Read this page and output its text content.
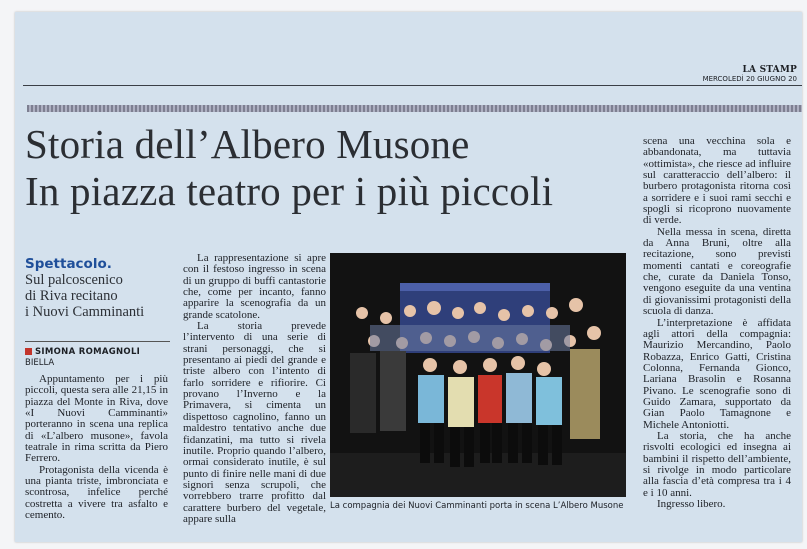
LA STAMP
MERCOLEDÌ 20 GIUGNO 20
Storia dell’Albero Musone
In piazza teatro per i più piccoli
Spettacolo.
Sul palcoscenico
di Riva recitano
i Nuovi Camminanti
SIMONA ROMAGNOLI
BIELLA

Appuntamento per i più piccoli, questa sera alle 21,15 in piazza del Monte in Riva, dove «I Nuovi Camminanti» porteranno in scena una replica di «L’albero musone», favola teatrale in rima scritta da Piero Ferrero.

Protagonista della vicenda è una pianta triste, imbronciata e scontrosa, infelice perché costretta a vivere tra asfalto e cemento.

La rappresentazione si apre con il festoso ingresso in scena di un gruppo di buffi cantastorie che, come per incanto, fanno apparire la scenografia da un grande scatolone.

La storia prevede l’intervento di una serie di strani personaggi, che si presentano ai piedi del grande e triste albero con l’intento di farlo sorridere e rifiorire. Ci provano l’Inverno e la Primavera, si cimenta un dispettoso cagnolino, fanno un maldestro tentativo anche due fidanzatini, ma tutto si rivela inutile. Proprio quando l’albero, ormai considerato inutile, è sul punto di finire nelle mani di due signori senza scrupoli, che vorrebbero trarre profitto dal carattere burbero del vegetale, appare sulla

La compagnia dei Nuovi Camminanti porta in scena L’Albero Musone

scena una vecchina sola e abbandonata, ma tuttavia «ottimista», che riesce ad influire sul caratteraccio dell’albero: il burbero protagonista ritorna così a sorridere e i suoi rami secchi e spogli si ricoprono nuovamente di verde.

Nella messa in scena, diretta da Anna Bruni, oltre alla recitazione, sono previsti momenti cantati e coreografie che, curate da Daniela Tonso, vengono eseguite da una ventina di giovanissimi protagonisti della scuola di danza.

L’interpretazione è affidata agli attori della compagnia: Maurizio Mercandino, Paolo Robazza, Enrico Gatti, Cristina Colonna, Fernanda Gionco, Lariana Brasolin e Rosanna Pivano. Le scenografie sono di Guido Zamara, supportato da Gian Paolo Tamagnone e Michele Antoniotti.

La storia, che ha anche risvolti ecologici ed insegna ai bambini il rispetto dell’ambiente, si rivolge in modo particolare alla fascia d’età compresa tra i 4 e i 10 anni.

Ingresso libero.
